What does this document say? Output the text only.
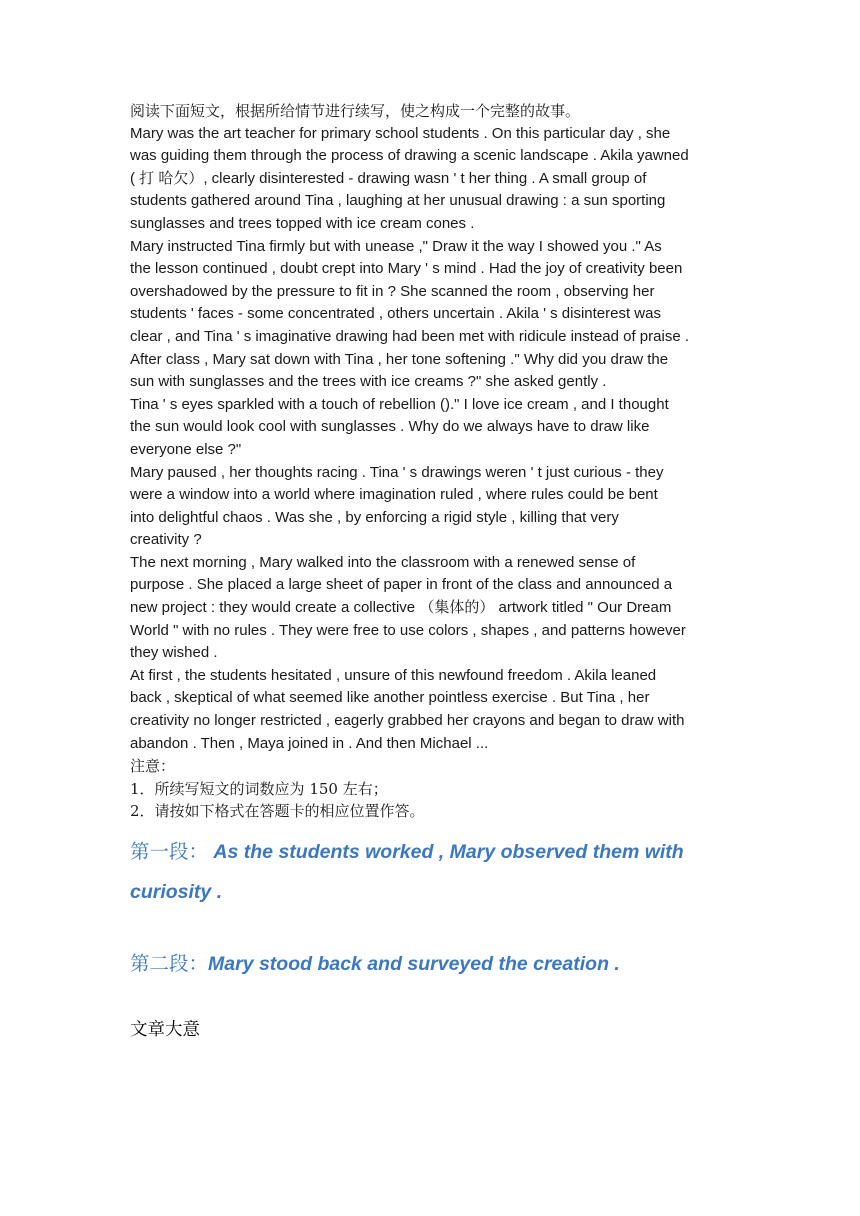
阅读下面短文，根据所给情节进行续写，使之构成一个完整的故事。

Mary was the art teacher for primary school students . On this particular day , she

was guiding them through the process of drawing a scenic landscape . Akila yawned

( 打 哈欠）, clearly disinterested - drawing wasn ' t her thing . A small group of

students gathered around Tina , laughing at her unusual drawing : a sun sporting

sunglasses and trees topped with ice cream cones .

Mary instructed Tina firmly but with unease ," Draw it the way I showed you ." As

the lesson continued , doubt crept into Mary ' s mind . Had the joy of creativity been

overshadowed by the pressure to fit in ? She scanned the room , observing her

students ' faces - some concentrated , others uncertain . Akila ' s disinterest was

clear , and Tina ' s imaginative drawing had been met with ridicule instead of praise .

After class , Mary sat down with Tina , her tone softening ." Why did you draw the

sun with sunglasses and the trees with ice creams ?" she asked gently .

Tina ' s eyes sparkled with a touch of rebellion ()." I love ice cream , and I thought

the sun would look cool with sunglasses . Why do we always have to draw like

everyone else ?"

Mary paused , her thoughts racing . Tina ' s drawings weren ' t just curious - they

were a window into a world where imagination ruled , where rules could be bent

into delightful chaos . Was she , by enforcing a rigid style , killing that very

creativity ?

The next morning , Mary walked into the classroom with a renewed sense of

purpose . She placed a large sheet of paper in front of the class and announced a

new project : they would create a collective （集体的） artwork titled " Our Dream

World " with no rules . They were free to use colors , shapes , and patterns however

they wished .

At first , the students hesitated , unsure of this newfound freedom . Akila leaned

back , skeptical of what seemed like another pointless exercise . But Tina , her

creativity no longer restricted , eagerly grabbed her crayons and began to draw with

abandon . Then , Maya joined in . And then Michael ...

注意：

1．所续写短文的词数应为 150 左右；

2．请按如下格式在答题卡的相应位置作答。

第一段： As the students worked , Mary observed them with

curiosity .

第二段：Mary stood back and surveyed the creation .

文章大意
